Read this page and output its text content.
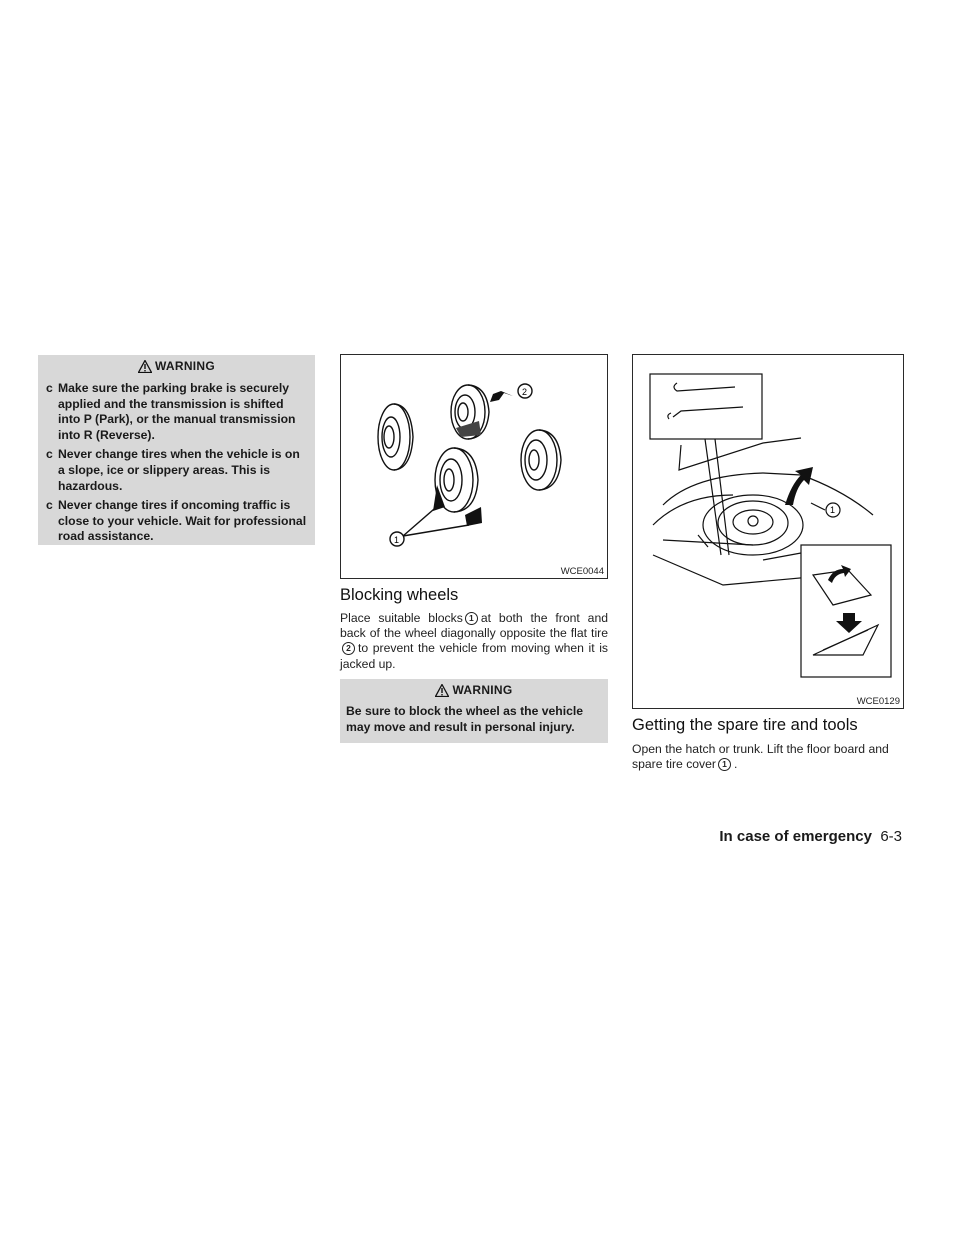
WARNING
c Make sure the parking brake is securely applied and the transmission is shifted into P (Park), or the manual transmission into R (Reverse).
c Never change tires when the vehicle is on a slope, ice or slippery areas. This is hazardous.
c Never change tires if oncoming traffic is close to your vehicle. Wait for professional road assistance.	1
2
WCE0044
Blocking wheels
Place suitable blocks 1 at both the front and back of the wheel diagonally opposite the flat tire 2 to prevent the vehicle from moving when it is jacked up.
WARNING
Be sure to block the wheel as the vehicle may move and result in personal injury.
1
WCE0129
Getting the spare tire and tools
Open the hatch or trunk. Lift the floor board and spare tire cover 1 .
In case of emergency 6-3
